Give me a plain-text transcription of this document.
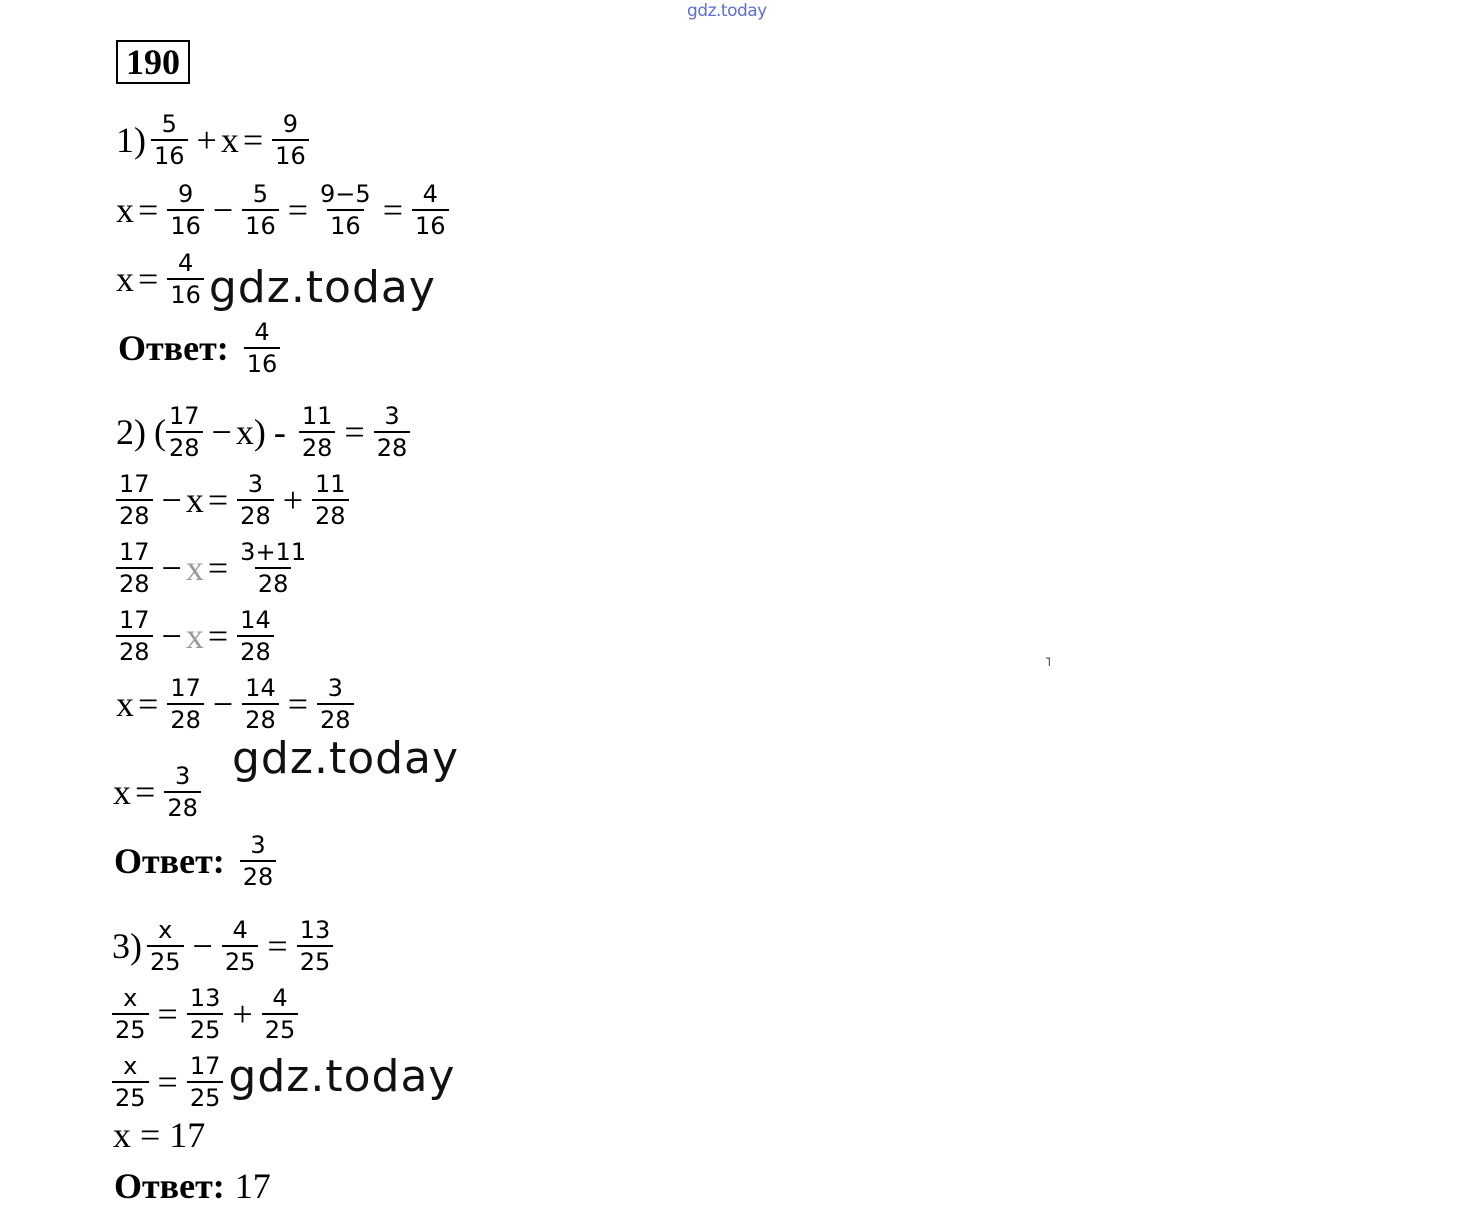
gdz.today
190
$1) \frac{5}{16} + x = \frac{9}{16}$
$x = \frac{9}{16} - \frac{5}{16} = \frac{9-5}{16} = \frac{4}{16}$
$x = \frac{4}{16}$ gdz.today
Ответ: $\frac{4}{16}$
2) ( $\frac{17}{28} - x$ ) - $\frac{11}{28} = \frac{3}{28}$
$\frac{17}{28} - x = \frac{3}{28} + \frac{11}{28}$
$\frac{17}{28} - x = \frac{3+11}{28}$
$\frac{17}{28} - x = \frac{14}{28}$
$x = \frac{17}{28} - \frac{14}{28} = \frac{3}{28}$
gdz.today
$x = \frac{3}{28}$
Ответ: $\frac{3}{28}$
$3) \frac{x}{25} - \frac{4}{25} = \frac{13}{25}$
$\frac{x}{25} = \frac{13}{25} + \frac{4}{25}$
$\frac{x}{25} = \frac{17}{25}$ gdz.today
x = 17
Ответ: 17
˥
